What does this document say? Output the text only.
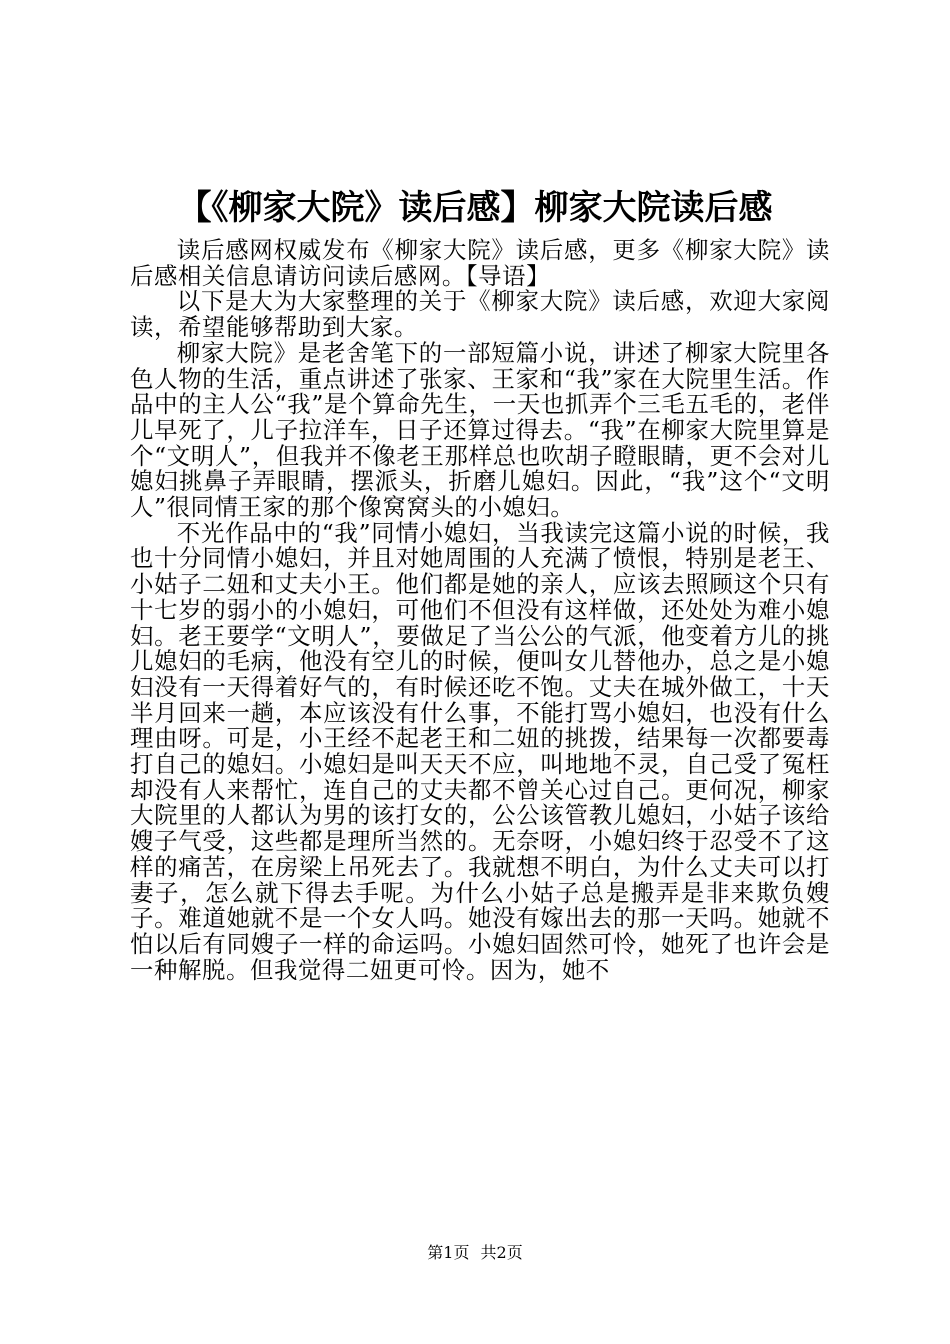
【《柳家大院》读后感】柳家大院读后感

读后感网权威发布《柳家大院》读后感，更多《柳家大院》读后感相关信息请访问读后感网。【导语】

以下是大为大家整理的关于《柳家大院》读后感，欢迎大家阅读，希望能够帮助到大家。

柳家大院》是老舍笔下的一部短篇小说，讲述了柳家大院里各色人物的生活，重点讲述了张家、王家和“我”家在大院里生活。作品中的主人公“我”是个算命先生，一天也抓弄个三毛五毛的，老伴儿早死了，儿子拉洋车，日子还算过得去。“我”在柳家大院里算是个“文明人”，但我并不像老王那样总也吹胡子瞪眼睛，更不会对儿媳妇挑鼻子弄眼睛，摆派头，折磨儿媳妇。因此，“我”这个“文明人”很同情王家的那个像窝窝头的小媳妇。

不光作品中的“我”同情小媳妇，当我读完这篇小说的时候，我也十分同情小媳妇，并且对她周围的人充满了愤恨，特别是老王、小姑子二妞和丈夫小王。他们都是她的亲人，应该去照顾这个只有十七岁的弱小的小媳妇，可他们不但没有这样做，还处处为难小媳妇。老王要学“文明人”，要做足了当公公的气派，他变着方儿的挑儿媳妇的毛病，他没有空儿的时候，便叫女儿替他办，总之是小媳妇没有一天得着好气的，有时候还吃不饱。丈夫在城外做工，十天半月回来一趟，本应该没有什么事，不能打骂小媳妇，也没有什么理由呀。可是，小王经不起老王和二妞的挑拨，结果每一次都要毒打自己的媳妇。小媳妇是叫天天不应，叫地地不灵，自己受了冤枉却没有人来帮忙，连自己的丈夫都不曾关心过自己。更何况，柳家大院里的人都认为男的该打女的，公公该管教儿媳妇，小姑子该给嫂子气受，这些都是理所当然的。无奈呀，小媳妇终于忍受不了这样的痛苦，在房梁上吊死去了。我就想不明白，为什么丈夫可以打妻子，怎么就下得去手呢。为什么小姑子总是搬弄是非来欺负嫂子。难道她就不是一个女人吗。她没有嫁出去的那一天吗。她就不怕以后有同嫂子一样的命运吗。小媳妇固然可怜，她死了也许会是一种解脱。但我觉得二妞更可怜。因为，她不

第1页 共2页
